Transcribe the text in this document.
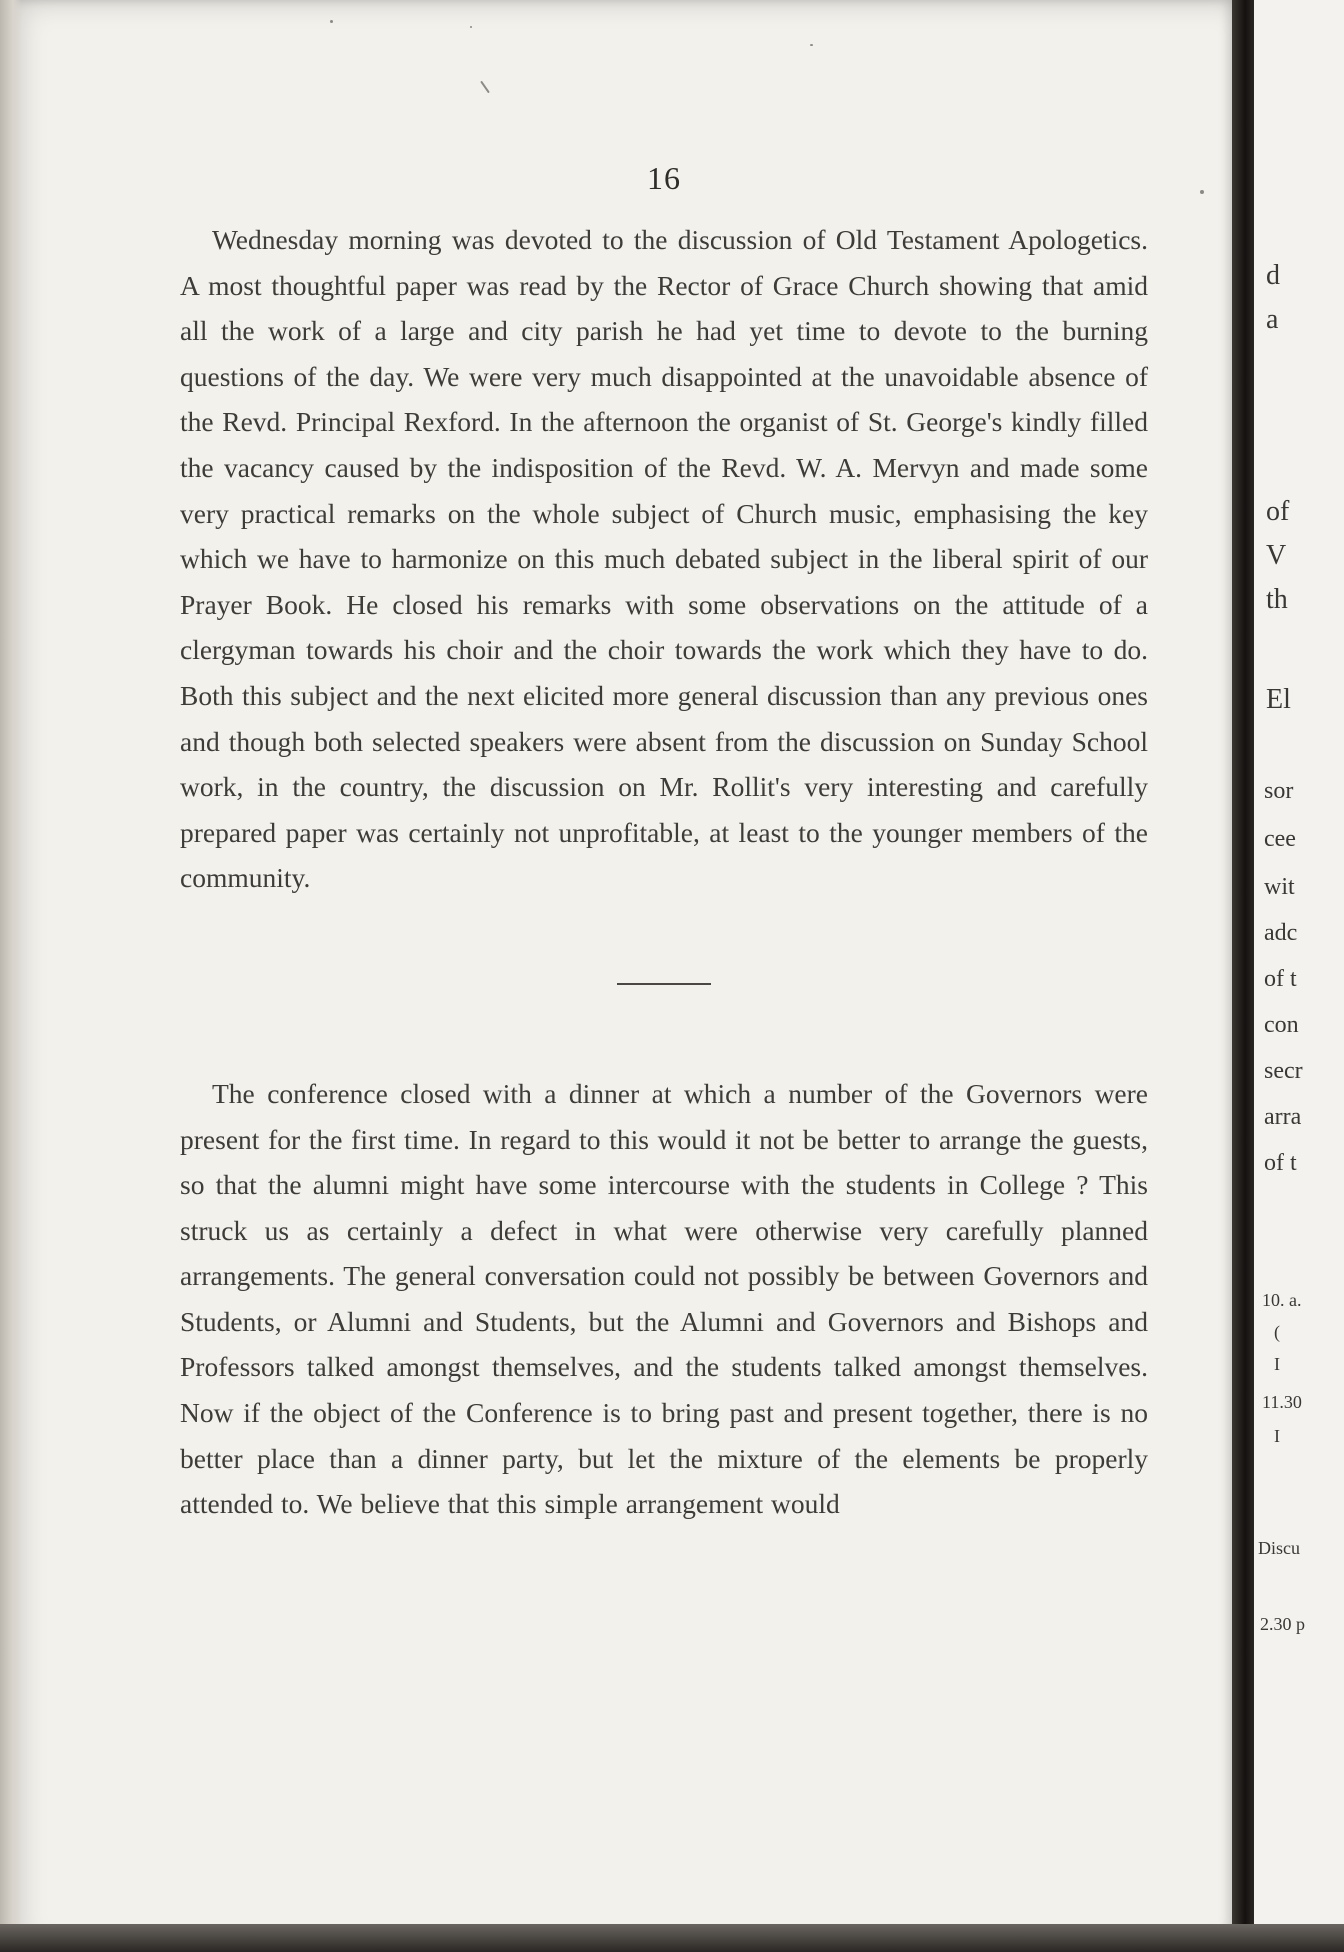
16

Wednesday morning was devoted to the discussion of Old Testament Apologetics. A most thoughtful paper was read by the Rector of Grace Church showing that amid all the work of a large and city parish he had yet time to devote to the burning questions of the day. We were very much disappointed at the unavoidable absence of the Revd. Principal Rexford. In the afternoon the organist of St. George's kindly filled the vacancy caused by the indisposition of the Revd. W. A. Mervyn and made some very practical remarks on the whole subject of Church music, emphasising the key which we have to harmonize on this much debated subject in the liberal spirit of our Prayer Book. He closed his remarks with some observations on the attitude of a clergyman towards his choir and the choir towards the work which they have to do. Both this subject and the next elicited more general discussion than any previous ones and though both selected speakers were absent from the discussion on Sunday School work, in the country, the discussion on Mr. Rollit's very interesting and carefully prepared paper was certainly not unprofitable, at least to the younger members of the community.

The conference closed with a dinner at which a number of the Governors were present for the first time. In regard to this would it not be better to arrange the guests, so that the alumni might have some intercourse with the students in College ? This struck us as certainly a defect in what were otherwise very carefully planned arrangements. The general conversation could not possibly be between Governors and Students, or Alumni and Students, but the Alumni and Governors and Bishops and Professors talked amongst themselves, and the students talked amongst themselves. Now if the object of the Conference is to bring past and present together, there is no better place than a dinner party, but let the mixture of the elements be properly attended to. We believe that this simple arrangement would

d
a
of
V
th
El
sor
cee
wit
adc
of t
con
secr
arra
of t
10. a.
(
I
11.30
I
Discu
2.30 p
